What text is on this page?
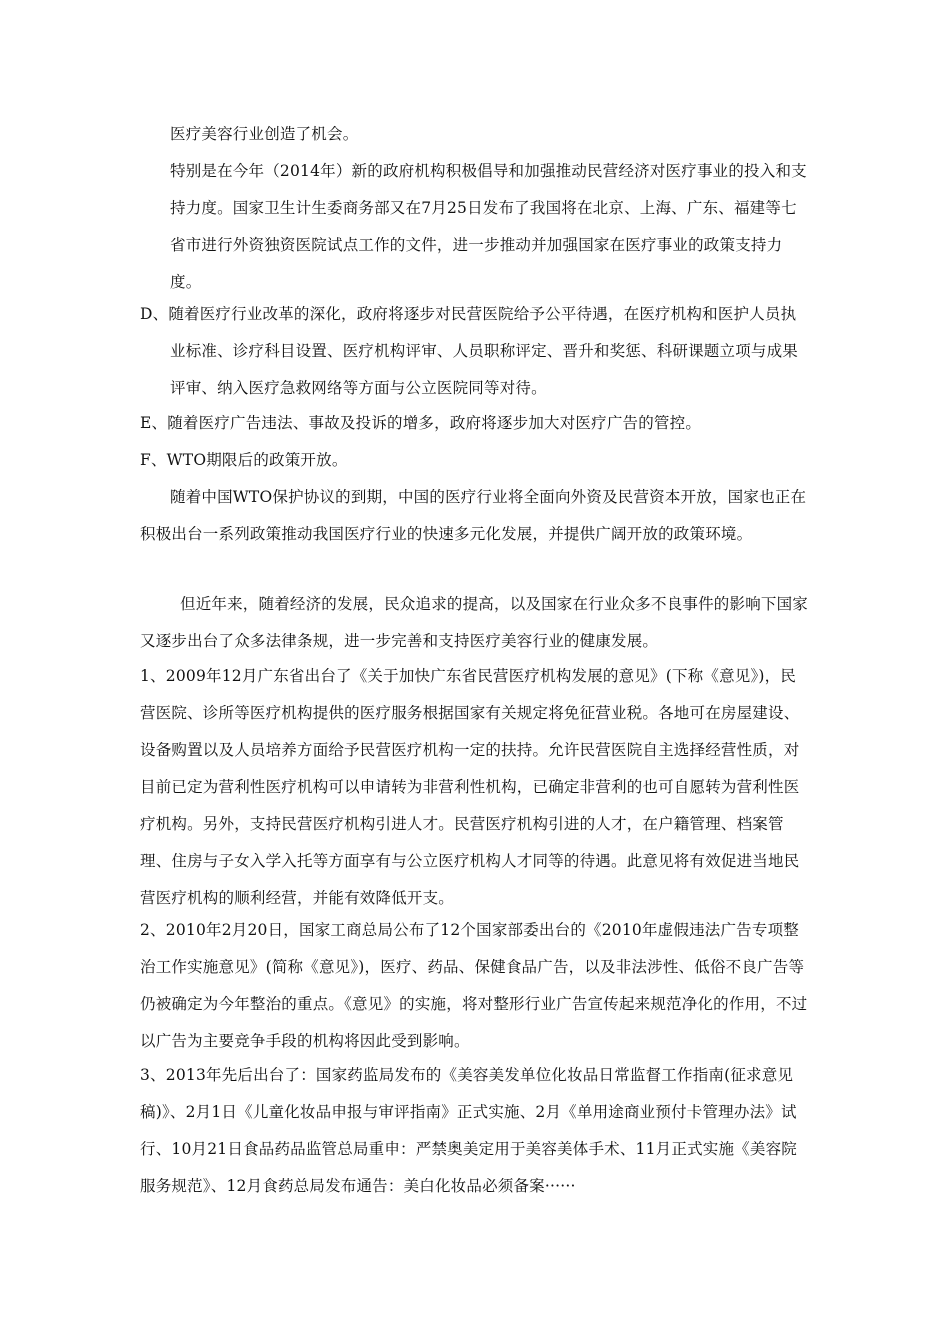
医疗美容行业创造了机会。

特别是在今年（2014年）新的政府机构积极倡导和加强推动民营经济对医疗事业的投入和支持力度。国家卫生计生委商务部又在7月25日发布了我国将在北京、上海、广东、福建等七省市进行外资独资医院试点工作的文件，进一步推动并加强国家在医疗事业的政策支持力度。

D、随着医疗行业改革的深化，政府将逐步对民营医院给予公平待遇，在医疗机构和医护人员执业标准、诊疗科目设置、医疗机构评审、人员职称评定、晋升和奖惩、科研课题立项与成果评审、纳入医疗急救网络等方面与公立医院同等对待。

E、随着医疗广告违法、事故及投诉的增多，政府将逐步加大对医疗广告的管控。

F、WTO期限后的政策开放。

随着中国WTO保护协议的到期，中国的医疗行业将全面向外资及民营资本开放，国家也正在积极出台一系列政策推动我国医疗行业的快速多元化发展，并提供广阔开放的政策环境。

但近年来，随着经济的发展，民众追求的提高，以及国家在行业众多不良事件的影响下国家又逐步出台了众多法律条规，进一步完善和支持医疗美容行业的健康发展。

1、2009年12月广东省出台了《关于加快广东省民营医疗机构发展的意见》(下称《意见》)，民营医院、诊所等医疗机构提供的医疗服务根据国家有关规定将免征营业税。各地可在房屋建设、设备购置以及人员培养方面给予民营医疗机构一定的扶持。允许民营医院自主选择经营性质，对目前已定为营利性医疗机构可以申请转为非营利性机构，已确定非营利的也可自愿转为营利性医疗机构。另外，支持民营医疗机构引进人才。民营医疗机构引进的人才，在户籍管理、档案管理、住房与子女入学入托等方面享有与公立医疗机构人才同等的待遇。此意见将有效促进当地民营医疗机构的顺利经营，并能有效降低开支。

2、2010年2月20日，国家工商总局公布了12个国家部委出台的《2010年虚假违法广告专项整治工作实施意见》(简称《意见》)，医疗、药品、保健食品广告，以及非法涉性、低俗不良广告等仍被确定为今年整治的重点。《意见》的实施，将对整形行业广告宣传起来规范净化的作用，不过以广告为主要竞争手段的机构将因此受到影响。

3、2013年先后出台了：国家药监局发布的《美容美发单位化妆品日常监督工作指南(征求意见稿)》、2月1日《儿童化妆品申报与审评指南》正式实施、2月《单用途商业预付卡管理办法》试行、10月21日食品药品监管总局重申：严禁奥美定用于美容美体手术、11月正式实施《美容院服务规范》、12月食药总局发布通告：美白化妆品必须备案······
